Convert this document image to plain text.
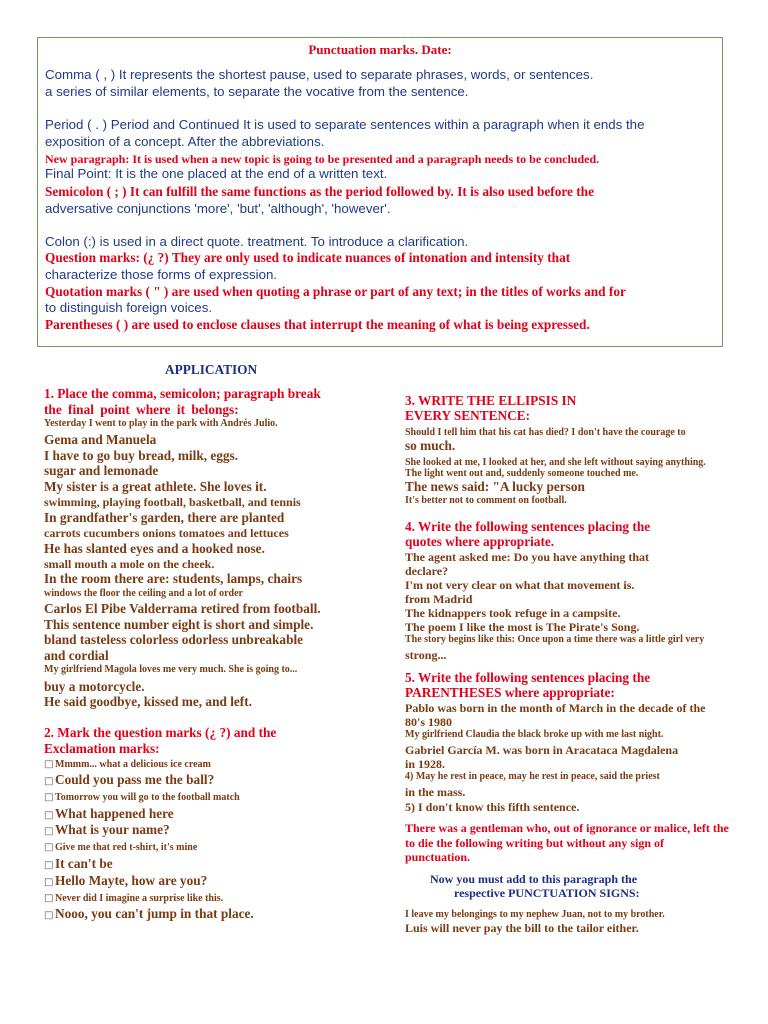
Punctuation marks. Date:
Comma ( , ) It represents the shortest pause, used to separate phrases, words, or sentences.
a series of similar elements, to separate the vocative from the sentence.
Period ( . ) Period and Continued It is used to separate sentences within a paragraph when it ends the
exposition of a concept. After the abbreviations.
New paragraph: It is used when a new topic is going to be presented and a paragraph needs to be concluded.
Final Point: It is the one placed at the end of a written text.
Semicolon ( ; ) It can fulfill the same functions as the period followed by. It is also used before the
adversative conjunctions 'more', 'but', 'although', 'however'.
Colon (:) is used in a direct quote. treatment. To introduce a clarification.
Question marks: (¿ ?) They are only used to indicate nuances of intonation and intensity that
characterize those forms of expression.
Quotation marks ( " ) are used when quoting a phrase or part of any text; in the titles of works and for
to distinguish foreign voices.
Parentheses ( ) are used to enclose clauses that interrupt the meaning of what is being expressed.
APPLICATION
1. Place the comma, semicolon; paragraph break
the final point where it belongs:
Yesterday I went to play in the park with Andrés Julio.
Gema and Manuela
I have to go buy bread, milk, eggs.
sugar and lemonade
My sister is a great athlete. She loves it.
swimming, playing football, basketball, and tennis
In grandfather's garden, there are planted
carrots cucumbers onions tomatoes and lettuces
He has slanted eyes and a hooked nose.
small mouth a mole on the cheek.
In the room there are: students, lamps, chairs
windows the floor the ceiling and a lot of order
Carlos El Pibe Valderrama retired from football.
This sentence number eight is short and simple.
bland tasteless colorless odorless unbreakable
and cordial
My girlfriend Magola loves me very much. She is going to...
buy a motorcycle.
He said goodbye, kissed me, and left.
2. Mark the question marks (¿ ?) and the
Exclamation marks:
□ Mmmm... what a delicious ice cream
□ Could you pass me the ball?
□ Tomorrow you will go to the football match
□ What happened here
□ What is your name?
□ Give me that red t-shirt, it's mine
□ It can't be
□ Hello Mayte, how are you?
□ Never did I imagine a surprise like this.
□ Nooo, you can't jump in that place.
3. WRITE THE ELLIPSIS IN
EVERY SENTENCE:
Should I tell him that his cat has died? I don't have the courage to
so much.
She looked at me, I looked at her, and she left without saying anything.
The light went out and, suddenly someone touched me.
The news said: "A lucky person
It's better not to comment on football.
4. Write the following sentences placing the
quotes where appropriate.
The agent asked me: Do you have anything that
declare?
I'm not very clear on what that movement is.
from Madrid
The kidnappers took refuge in a campsite.
The poem I like the most is The Pirate's Song.
The story begins like this: Once upon a time there was a little girl very
strong...
5. Write the following sentences placing the
PARENTHESES where appropriate:
Pablo was born in the month of March in the decade of the
80's 1980
My girlfriend Claudia the black broke up with me last night.
Gabriel García M. was born in Aracataca Magdalena
in 1928.
4) May he rest in peace, may he rest in peace, said the priest
in the mass.
5) I don't know this fifth sentence.
There was a gentleman who, out of ignorance or malice, left the
to die the following writing but without any sign of
punctuation.
Now you must add to this paragraph the
respective PUNCTUATION SIGNS:
I leave my belongings to my nephew Juan, not to my brother.
Luis will never pay the bill to the tailor either.
